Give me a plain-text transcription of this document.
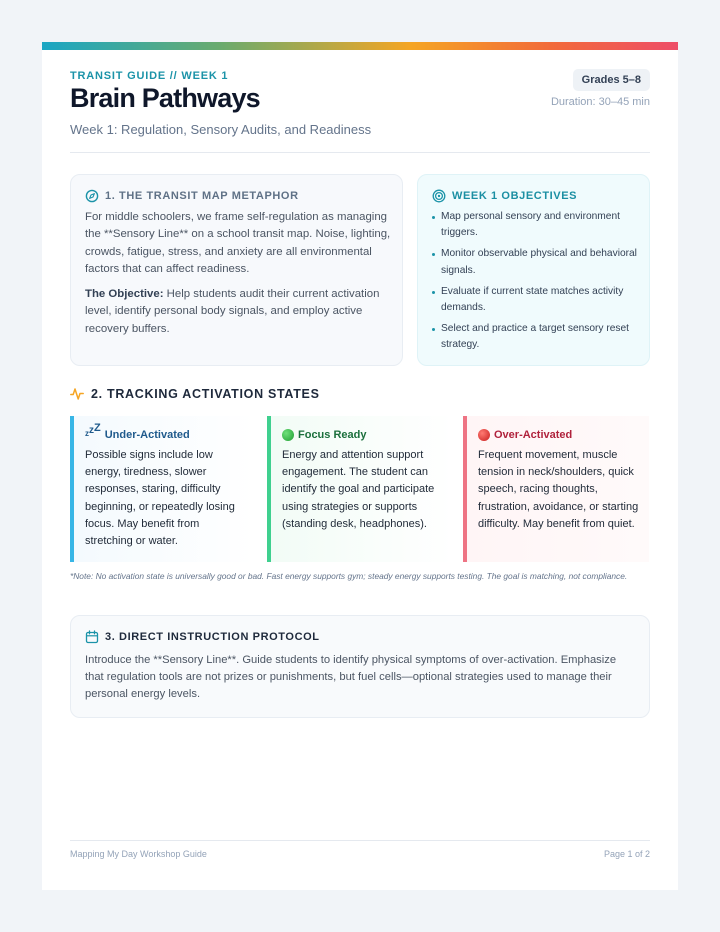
TRANSIT GUIDE // WEEK 1
Brain Pathways
Week 1: Regulation, Sensory Audits, and Readiness
Grades 5–8
Duration: 30–45 min
1. THE TRANSIT MAP METAPHOR
For middle schoolers, we frame self-regulation as managing the **Sensory Line** on a school transit map. Noise, lighting, crowds, fatigue, stress, and anxiety are all environmental factors that can affect readiness.
The Objective: Help students audit their current activation level, identify personal body signals, and employ active recovery buffers.
WEEK 1 OBJECTIVES
Map personal sensory and environment triggers.
Monitor observable physical and behavioral signals.
Evaluate if current state matches activity demands.
Select and practice a target sensory reset strategy.
2. TRACKING ACTIVATION STATES
zzZ
Under-Activated
Possible signs include low energy, tiredness, slower responses, staring, difficulty beginning, or repeatedly losing focus. May benefit from stretching or water.
Focus Ready
Energy and attention support engagement. The student can identify the goal and participate using strategies or supports (standing desk, headphones).
Over-Activated
Frequent movement, muscle tension in neck/shoulders, quick speech, racing thoughts, frustration, avoidance, or starting difficulty. May benefit from quiet.
*Note: No activation state is universally good or bad. Fast energy supports gym; steady energy supports testing. The goal is matching, not compliance.
3. DIRECT INSTRUCTION PROTOCOL
Introduce the **Sensory Line**. Guide students to identify physical symptoms of over-activation. Emphasize that regulation tools are not prizes or punishments, but fuel cells—optional strategies used to manage their personal energy levels.
Mapping My Day Workshop Guide	Page 1 of 2
